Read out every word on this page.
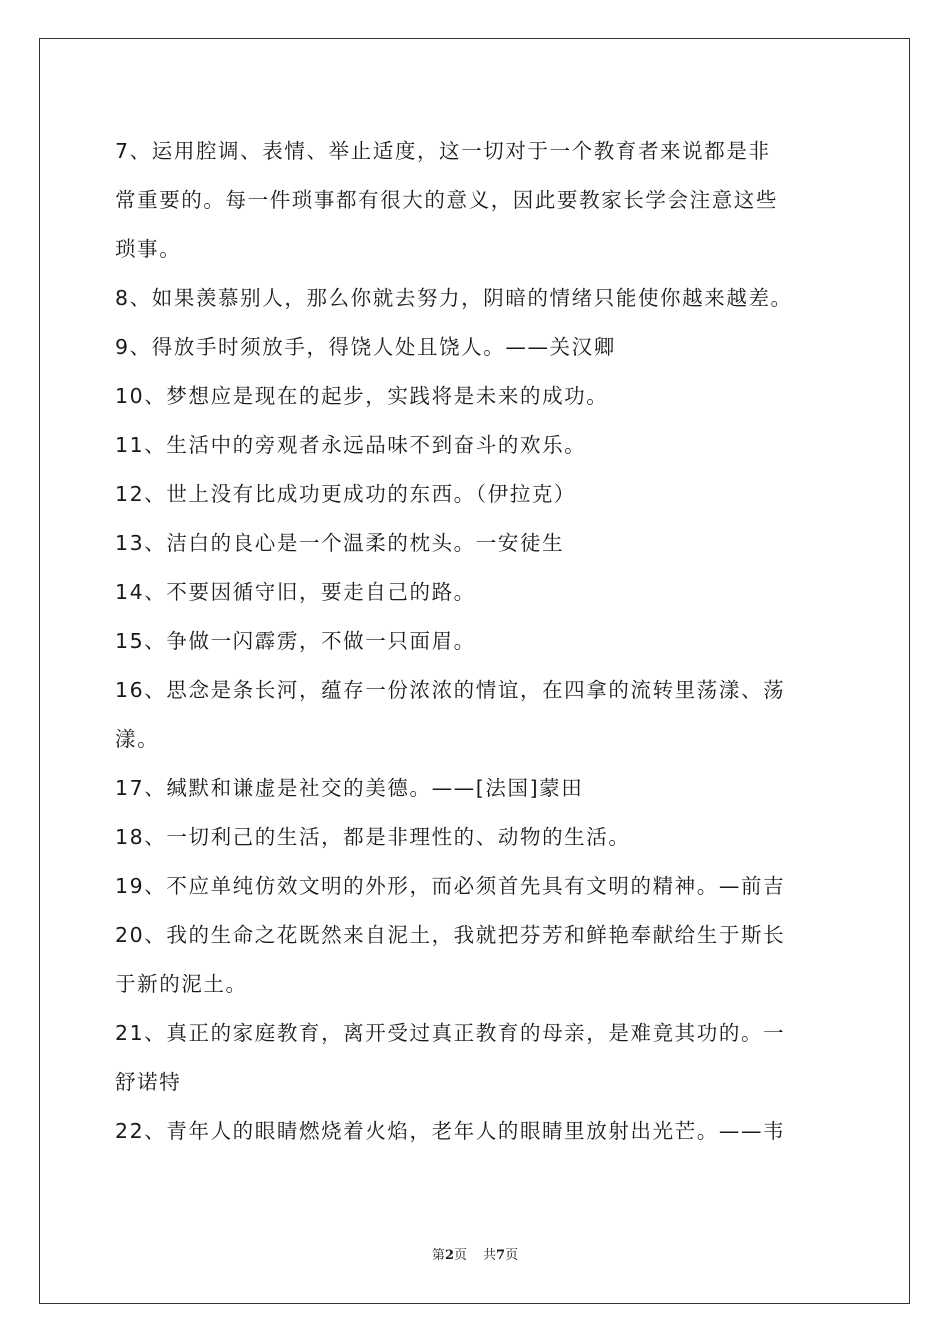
7、运用腔调、表情、举止适度，这一切对于一个教育者来说都是非
常重要的。每一件琐事都有很大的意义，因此要教家长学会注意这些
琐事。
8、如果羡慕别人，那么你就去努力，阴暗的情绪只能使你越来越差。
9、得放手时须放手，得饶人处且饶人。——关汉卿
10、梦想应是现在的起步，实践将是未来的成功。
11、生活中的旁观者永远品味不到奋斗的欢乐。
12、世上没有比成功更成功的东西。（伊拉克）
13、洁白的良心是一个温柔的枕头。一安徒生
14、不要因循守旧，要走自己的路。
15、争做一闪霹雳，不做一只面眉。
16、思念是条长河，蕴存一份浓浓的情谊，在四拿的流转里荡漾、荡
漾。
17、缄默和谦虚是社交的美德。——[法国]蒙田
18、一切利己的生活，都是非理性的、动物的生活。
19、不应单纯仿效文明的外形，而必须首先具有文明的精神。—前吉
20、我的生命之花既然来自泥土，我就把芬芳和鲜艳奉献给生于斯长
于新的泥土。
21、真正的家庭教育，离开受过真正教育的母亲，是难竟其功的。一
舒诺特
22、青年人的眼睛燃烧着火焰，老年人的眼睛里放射出光芒。——韦
第2页 共7页
